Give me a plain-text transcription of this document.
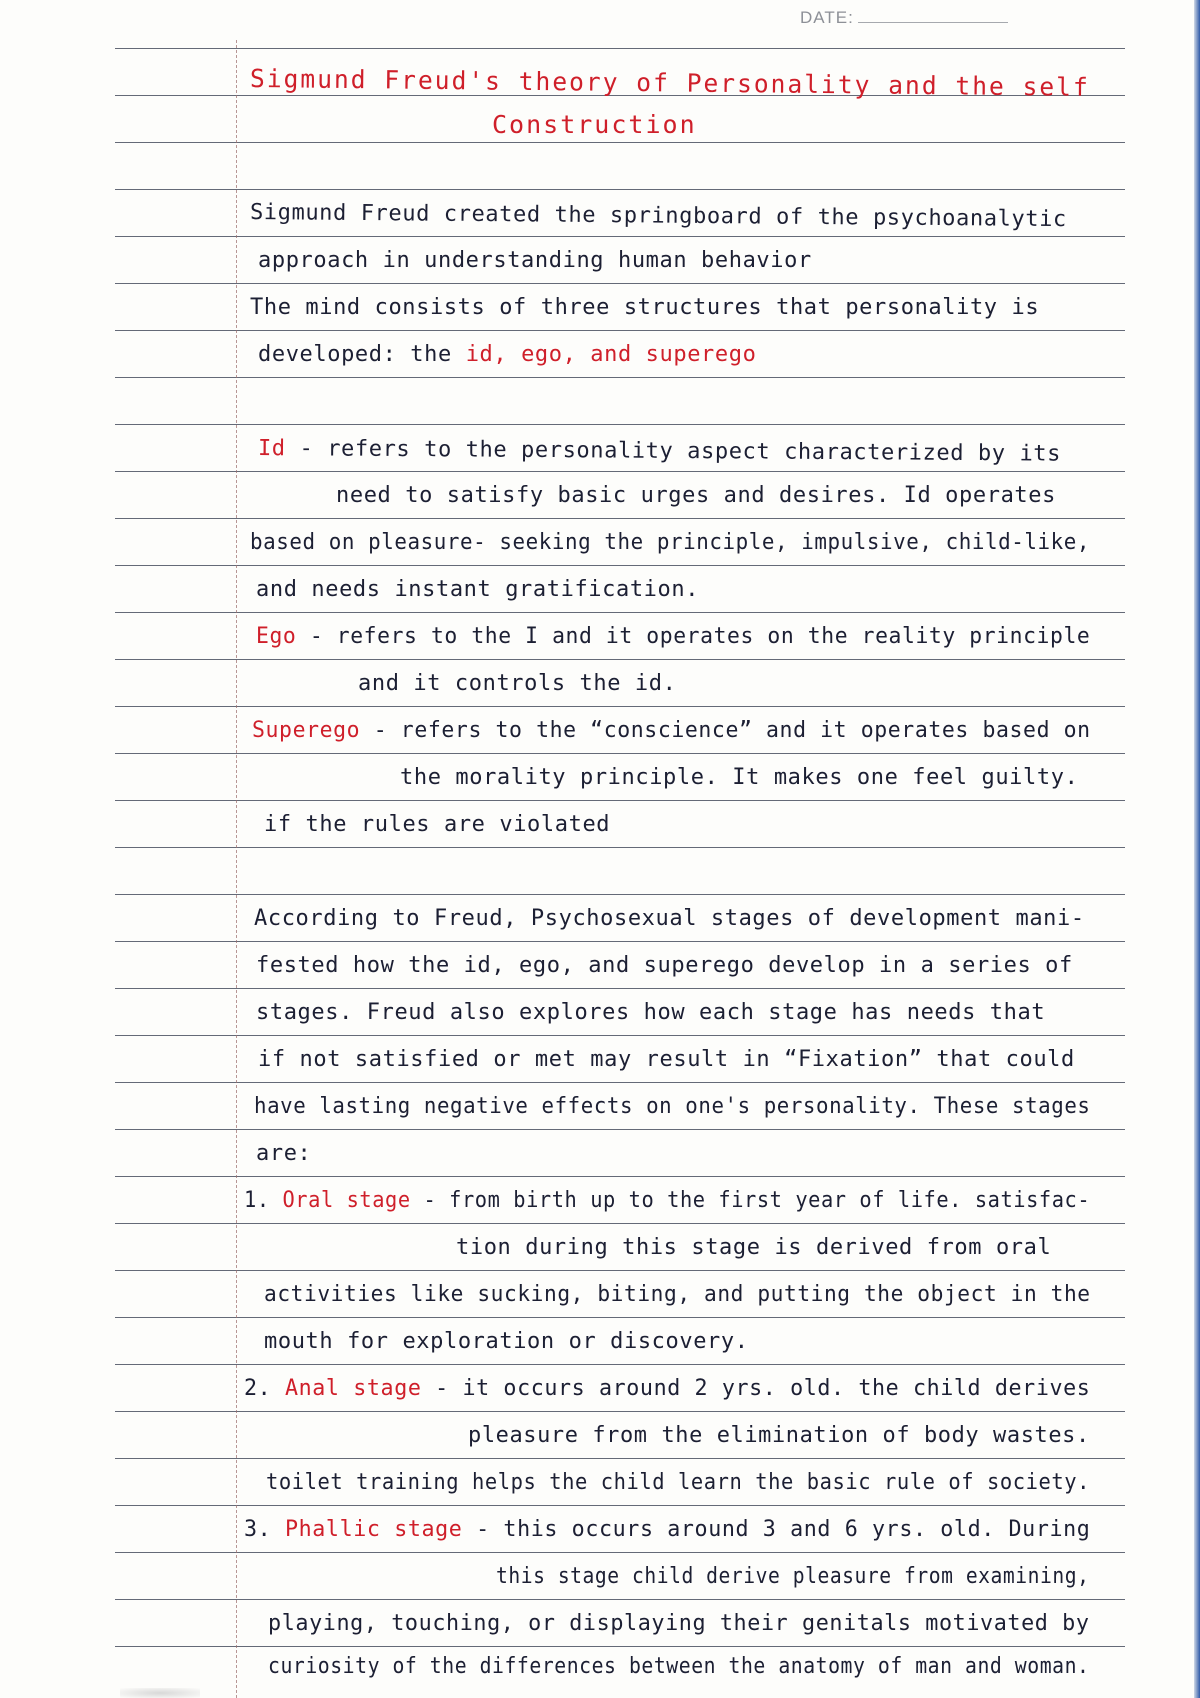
DATE:
Sigmund Freud's theory of Personality and the self
Construction
Sigmund Freud created the springboard of the psychoanalytic
approach in understanding human behavior
The mind consists of three structures that personality is
developed: the id, ego, and superego
Id - refers to the personality aspect characterized by its
need to satisfy basic urges and desires. Id operates
based on pleasure- seeking the principle, impulsive, child-like,
and needs instant gratification.
Ego - refers to the I and it operates on the reality principle
and it controls the id.
Superego - refers to the “conscience” and it operates based on
the morality principle. It makes one feel guilty.
if the rules are violated
According to Freud, Psychosexual stages of development mani-
fested how the id, ego, and superego develop in a series of
stages. Freud also explores how each stage has needs that
if not satisfied or met may result in “Fixation” that could
have lasting negative effects on one's personality. These stages
are:
1. Oral stage - from birth up to the first year of life. satisfac-
tion during this stage is derived from oral
activities like sucking, biting, and putting the object in the
mouth for exploration or discovery.
2. Anal stage - it occurs around 2 yrs. old. the child derives
pleasure from the elimination of body wastes.
toilet training helps the child learn the basic rule of society.
3. Phallic stage - this occurs around 3 and 6 yrs. old. During
this stage child derive pleasure from examining,
playing, touching, or displaying their genitals motivated by
curiosity of the differences between the anatomy of man and woman.
